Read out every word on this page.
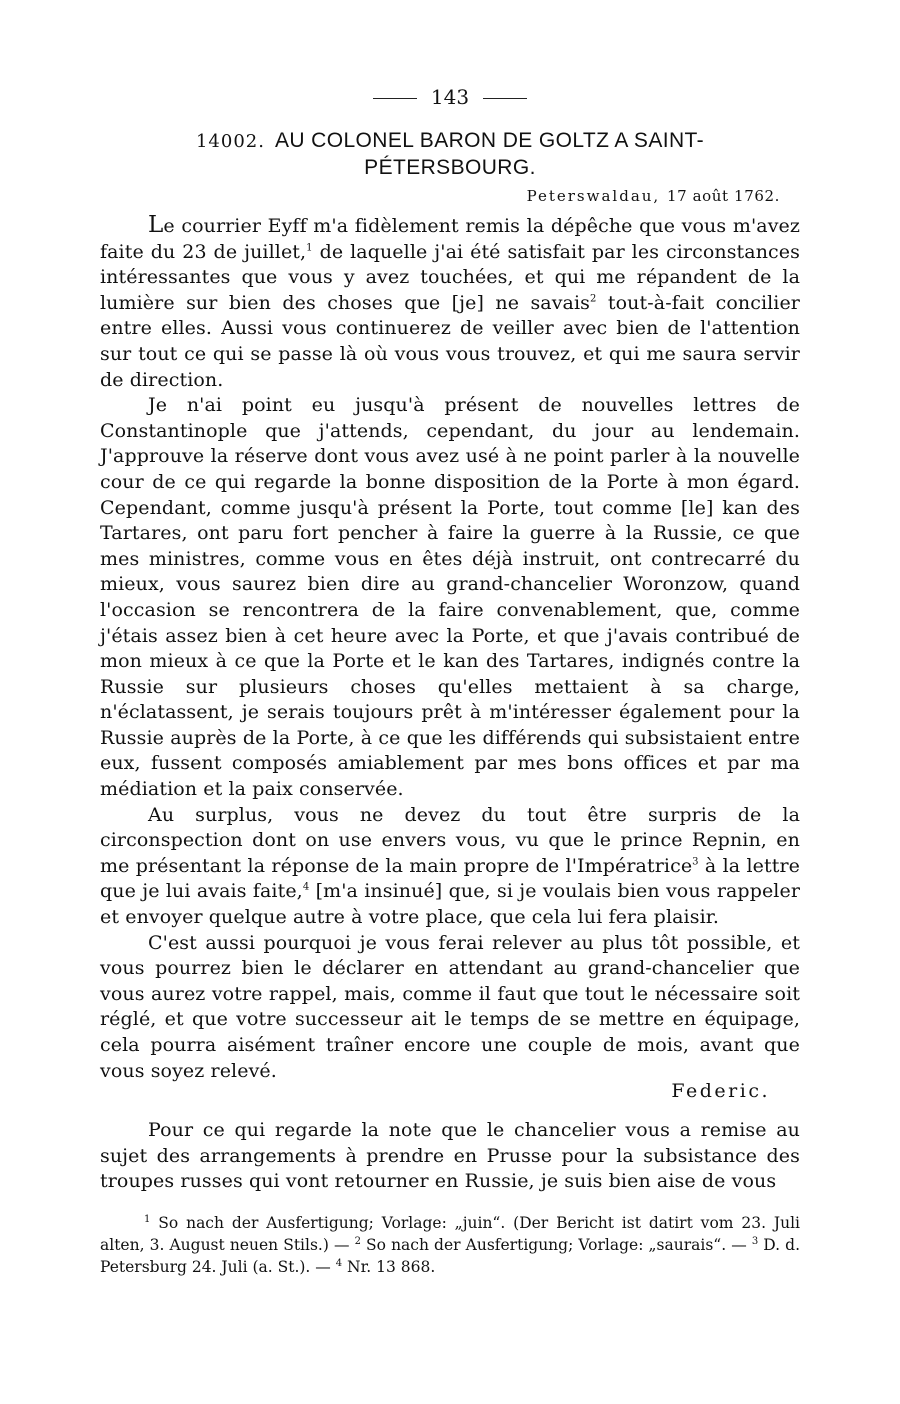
143
14002. AU COLONEL BARON DE GOLTZ A SAINT-PÉTERSBOURG.
Peterswaldau, 17 août 1762.

Le courrier Eyff m'a fidèlement remis la dépêche que vous m'avez faite du 23 de juillet,$^1$ de laquelle j'ai été satisfait par les circonstances intéressantes que vous y avez touchées, et qui me répandent de la lumière sur bien des choses que [je] ne savais$^2$ tout-à-fait concilier entre elles. Aussi vous continuerez de veiller avec bien de l'attention sur tout ce qui se passe là où vous vous trouvez, et qui me saura servir de direction.

Je n'ai point eu jusqu'à présent de nouvelles lettres de Constantinople que j'attends, cependant, du jour au lendemain. J'approuve la réserve dont vous avez usé à ne point parler à la nouvelle cour de ce qui regarde la bonne disposition de la Porte à mon égard. Cependant, comme jusqu'à présent la Porte, tout comme [le] kan des Tartares, ont paru fort pencher à faire la guerre à la Russie, ce que mes ministres, comme vous en êtes déjà instruit, ont contrecarré du mieux, vous saurez bien dire au grand-chancelier Woronzow, quand l'occasion se rencontrera de la faire convenablement, que, comme j'étais assez bien à cet heure avec la Porte, et que j'avais contribué de mon mieux à ce que la Porte et le kan des Tartares, indignés contre la Russie sur plusieurs choses qu'elles mettaient à sa charge, n'éclatassent, je serais toujours prêt à m'intéresser également pour la Russie auprès de la Porte, à ce que les différends qui subsistaient entre eux, fussent composés amiablement par mes bons offices et par ma médiation et la paix conservée.

Au surplus, vous ne devez du tout être surpris de la circonspection dont on use envers vous, vu que le prince Repnin, en me présentant la réponse de la main propre de l'Impératrice$^3$ à la lettre que je lui avais faite,$^4$ [m'a insinué] que, si je voulais bien vous rappeler et envoyer quelque autre à votre place, que cela lui fera plaisir.

C'est aussi pourquoi je vous ferai relever au plus tôt possible, et vous pourrez bien le déclarer en attendant au grand-chancelier que vous aurez votre rappel, mais, comme il faut que tout le nécessaire soit réglé, et que votre successeur ait le temps de se mettre en équipage, cela pourra aisément traîner encore une couple de mois, avant que vous soyez relevé.

Federic.

Pour ce qui regarde la note que le chancelier vous a remise au sujet des arrangements à prendre en Prusse pour la subsistance des troupes russes qui vont retourner en Russie, je suis bien aise de vous

$^1$ So nach der Ausfertigung; Vorlage: „juin“. (Der Bericht ist datirt vom 23. Juli alten, 3. August neuen Stils.) — $^2$ So nach der Ausfertigung; Vorlage: „saurais“. — $^3$ D. d. Petersburg 24. Juli (a. St.). — $^4$ Nr. 13 868.
